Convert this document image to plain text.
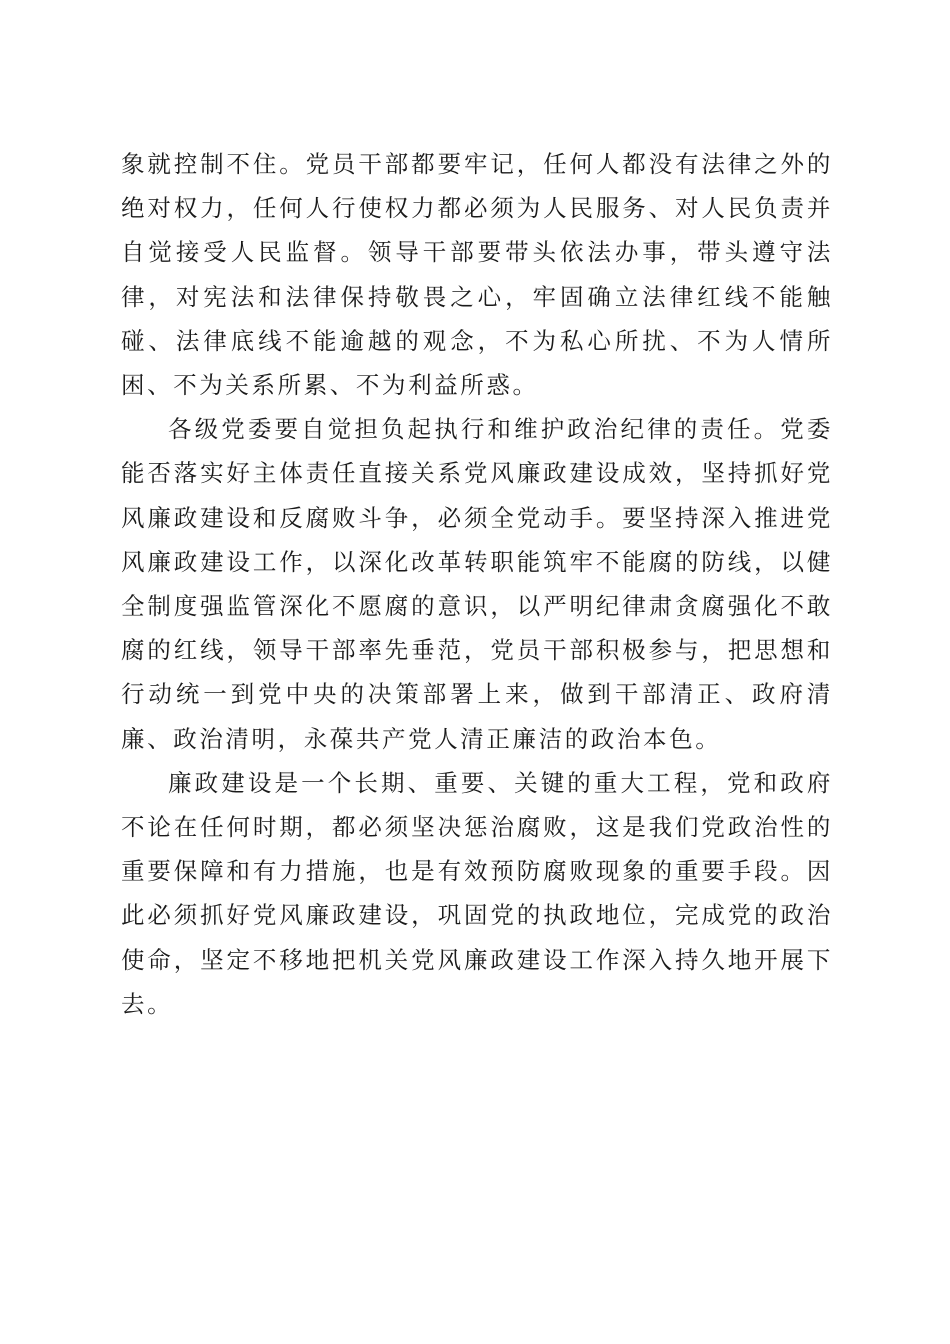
象就控制不住。党员干部都要牢记，任何人都没有法律之外的绝对权力，任何人行使权力都必须为人民服务、对人民负责并自觉接受人民监督。领导干部要带头依法办事，带头遵守法律，对宪法和法律保持敬畏之心，牢固确立法律红线不能触碰、法律底线不能逾越的观念，不为私心所扰、不为人情所困、不为关系所累、不为利益所惑。

各级党委要自觉担负起执行和维护政治纪律的责任。党委能否落实好主体责任直接关系党风廉政建设成效，坚持抓好党风廉政建设和反腐败斗争，必须全党动手。要坚持深入推进党风廉政建设工作，以深化改革转职能筑牢不能腐的防线，以健全制度强监管深化不愿腐的意识，以严明纪律肃贪腐强化不敢腐的红线，领导干部率先垂范，党员干部积极参与，把思想和行动统一到党中央的决策部署上来，做到干部清正、政府清廉、政治清明，永葆共产党人清正廉洁的政治本色。

廉政建设是一个长期、重要、关键的重大工程，党和政府不论在任何时期，都必须坚决惩治腐败，这是我们党政治性的重要保障和有力措施，也是有效预防腐败现象的重要手段。因此必须抓好党风廉政建设，巩固党的执政地位，完成党的政治使命，坚定不移地把机关党风廉政建设工作深入持久地开展下去。
